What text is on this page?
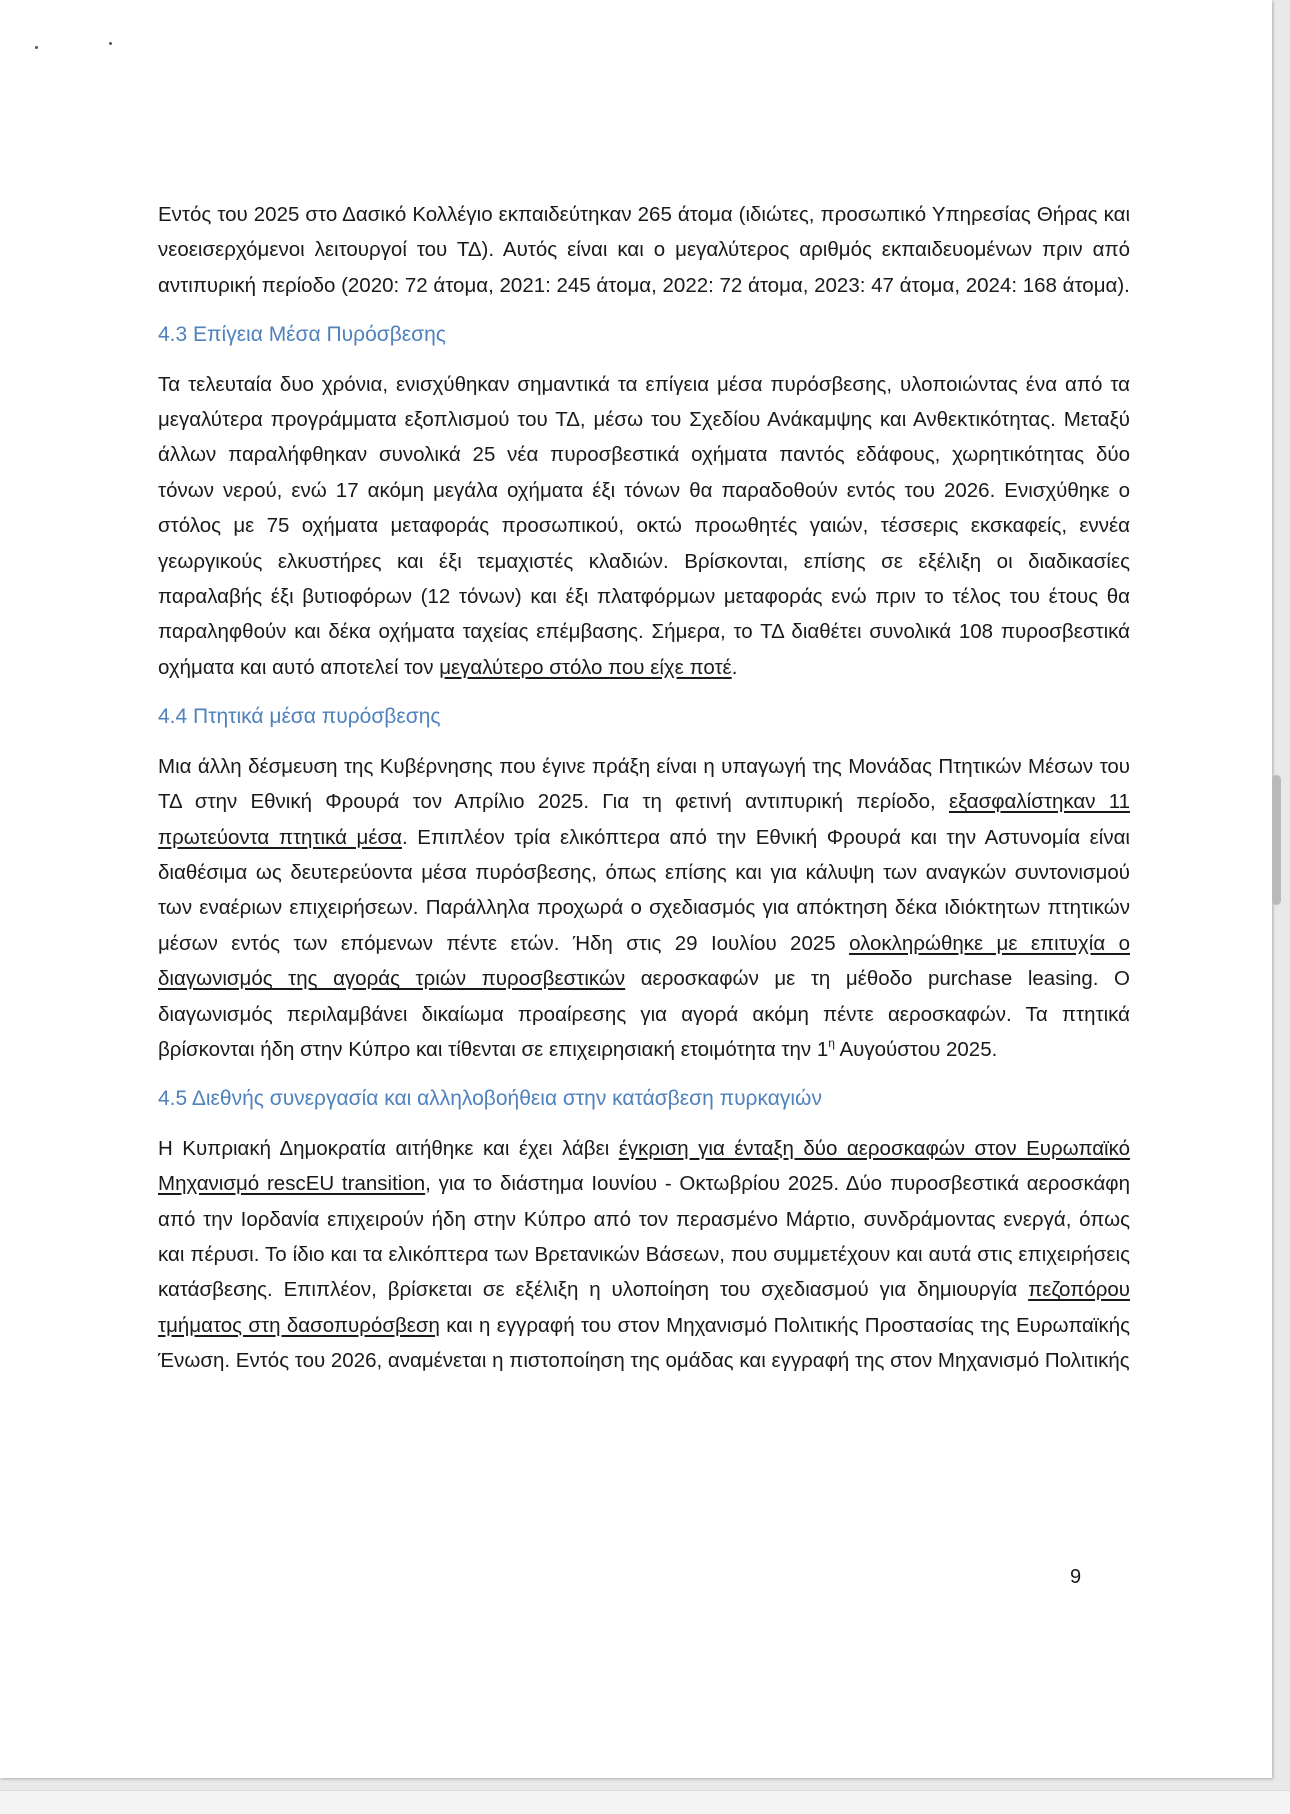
Εντός του 2025 στο Δασικό Κολλέγιο εκπαιδεύτηκαν 265 άτομα (ιδιώτες, προσωπικό Υπηρεσίας Θήρας και νεοεισερχόμενοι λειτουργοί του ΤΔ). Αυτός είναι και ο μεγαλύτερος αριθμός εκπαιδευομένων πριν από αντιπυρική περίοδο (2020: 72 άτομα, 2021: 245 άτομα, 2022: 72 άτομα, 2023: 47 άτομα, 2024: 168 άτομα).

4.3 Επίγεια Μέσα Πυρόσβεσης

Τα τελευταία δυο χρόνια, ενισχύθηκαν σημαντικά τα επίγεια μέσα πυρόσβεσης, υλοποιώντας ένα από τα μεγαλύτερα προγράμματα εξοπλισμού του ΤΔ, μέσω του Σχεδίου Ανάκαμψης και Ανθεκτικότητας. Μεταξύ άλλων παραλήφθηκαν συνολικά 25 νέα πυροσβεστικά οχήματα παντός εδάφους, χωρητικότητας δύο τόνων νερού, ενώ 17 ακόμη μεγάλα οχήματα έξι τόνων θα παραδοθούν εντός του 2026. Ενισχύθηκε ο στόλος με 75 οχήματα μεταφοράς προσωπικού, οκτώ προωθητές γαιών, τέσσερις εκσκαφείς, εννέα γεωργικούς ελκυστήρες και έξι τεμαχιστές κλαδιών. Βρίσκονται, επίσης σε εξέλιξη οι διαδικασίες παραλαβής έξι βυτιοφόρων (12 τόνων) και έξι πλατφόρμων μεταφοράς ενώ πριν το τέλος του έτους θα παραληφθούν και δέκα οχήματα ταχείας επέμβασης. Σήμερα, το ΤΔ διαθέτει συνολικά 108 πυροσβεστικά οχήματα και αυτό αποτελεί τον μεγαλύτερο στόλο που είχε ποτέ.

4.4 Πτητικά μέσα πυρόσβεσης

Μια άλλη δέσμευση της Κυβέρνησης που έγινε πράξη είναι η υπαγωγή της Μονάδας Πτητικών Μέσων του ΤΔ στην Εθνική Φρουρά τον Απρίλιο 2025. Για τη φετινή αντιπυρική περίοδο, εξασφαλίστηκαν 11 πρωτεύοντα πτητικά μέσα. Επιπλέον τρία ελικόπτερα από την Εθνική Φρουρά και την Αστυνομία είναι διαθέσιμα ως δευτερεύοντα μέσα πυρόσβεσης, όπως επίσης και για κάλυψη των αναγκών συντονισμού των εναέριων επιχειρήσεων. Παράλληλα προχωρά ο σχεδιασμός για απόκτηση δέκα ιδιόκτητων πτητικών μέσων εντός των επόμενων πέντε ετών. Ήδη στις 29 Ιουλίου 2025 ολοκληρώθηκε με επιτυχία ο διαγωνισμός της αγοράς τριών πυροσβεστικών αεροσκαφών με τη μέθοδο purchase leasing. Ο διαγωνισμός περιλαμβάνει δικαίωμα προαίρεσης για αγορά ακόμη πέντε αεροσκαφών. Τα πτητικά βρίσκονται ήδη στην Κύπρο και τίθενται σε επιχειρησιακή ετοιμότητα την $1^\eta$ Αυγούστου 2025.

4.5 Διεθνής συνεργασία και αλληλοβοήθεια στην κατάσβεση πυρκαγιών

Η Κυπριακή Δημοκρατία αιτήθηκε και έχει λάβει έγκριση για ένταξη δύο αεροσκαφών στον Ευρωπαϊκό Μηχανισμό rescEU transition, για το διάστημα Ιουνίου - Οκτωβρίου 2025. Δύο πυροσβεστικά αεροσκάφη από την Ιορδανία επιχειρούν ήδη στην Κύπρο από τον περασμένο Μάρτιο, συνδράμοντας ενεργά, όπως και πέρυσι. Το ίδιο και τα ελικόπτερα των Βρετανικών Βάσεων, που συμμετέχουν και αυτά στις επιχειρήσεις κατάσβεσης. Επιπλέον, βρίσκεται σε εξέλιξη η υλοποίηση του σχεδιασμού για δημιουργία πεζοπόρου τμήματος στη δασοπυρόσβεση και η εγγραφή του στον Μηχανισμό Πολιτικής Προστασίας της Ευρωπαϊκής Ένωση. Εντός του 2026, αναμένεται η πιστοποίηση της ομάδας και εγγραφή της στον Μηχανισμό Πολιτικής

9
